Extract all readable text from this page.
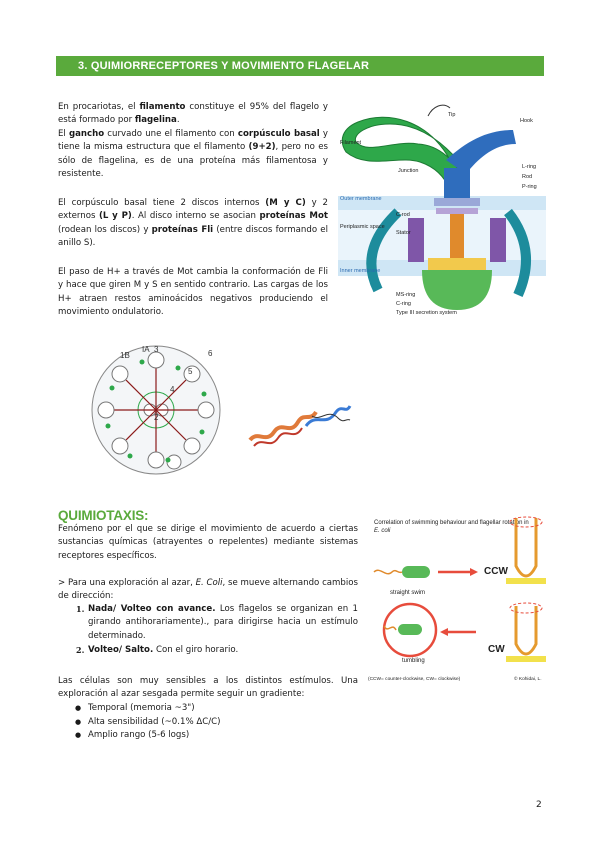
3. QUIMIORRECEPTORES Y MOVIMIENTO FLAGELAR

En procariotas, el filamento constituye el 95% del flagelo y está formado por flagelina.

El gancho curvado une el filamento con corpúsculo basal y tiene la misma estructura que el filamento (9+2), pero no es sólo de flagelina, es de una proteína más filamentosa y resistente.

El corpúsculo basal tiene 2 discos internos (M y C) y 2 externos (L y P). Al disco interno se asocian proteínas Mot (rodean los discos) y proteínas Fli (entre discos formando el anillo S).

El paso de H+ a través de Mot cambia la conformación de Fli y hace que giren M y S en sentido contrario. Las cargas de los H+ atraen restos aminoácidos negativos produciendo el movimiento ondulatorio.

Tip
Hook
Filament
Junction
L-ring
Rod
P-ring
Outer membrane
Periplasmic space
C-rod
Stator
Inner membrane
MS-ring
C-ring
Type III secretion system
1B
IA 3	6
5
4
2
QUIMIOTAXIS:

Fenómeno por el que se dirige el movimiento de acuerdo a ciertas sustancias químicas (atrayentes o repelentes) mediante sistemas receptores específicos.

> Para una exploración al azar, E. Coli, se mueve alternando cambios de dirección:

1. Nada/ Volteo con avance. Los flagelos se organizan en 1 girando antihorariamente)., para dirigirse hacia un estímulo determinado.
2. Volteo/ Salto. Con el giro horario.

Las células son muy sensibles a los distintos estímulos. Una exploración al azar sesgada permite seguir un gradiente:

● Temporal (memoria ~3")
● Alta sensibilidad (~0.1% ΔC/C)
● Amplio rango (5-6 logs)
Correlation of swimming behaviour and flagellar rotation in
E. coli
straight swim
tumbling
(CCW= counter-clockwise, CW= clockwise)	© Kohidai, L.
CCW
CW
2
